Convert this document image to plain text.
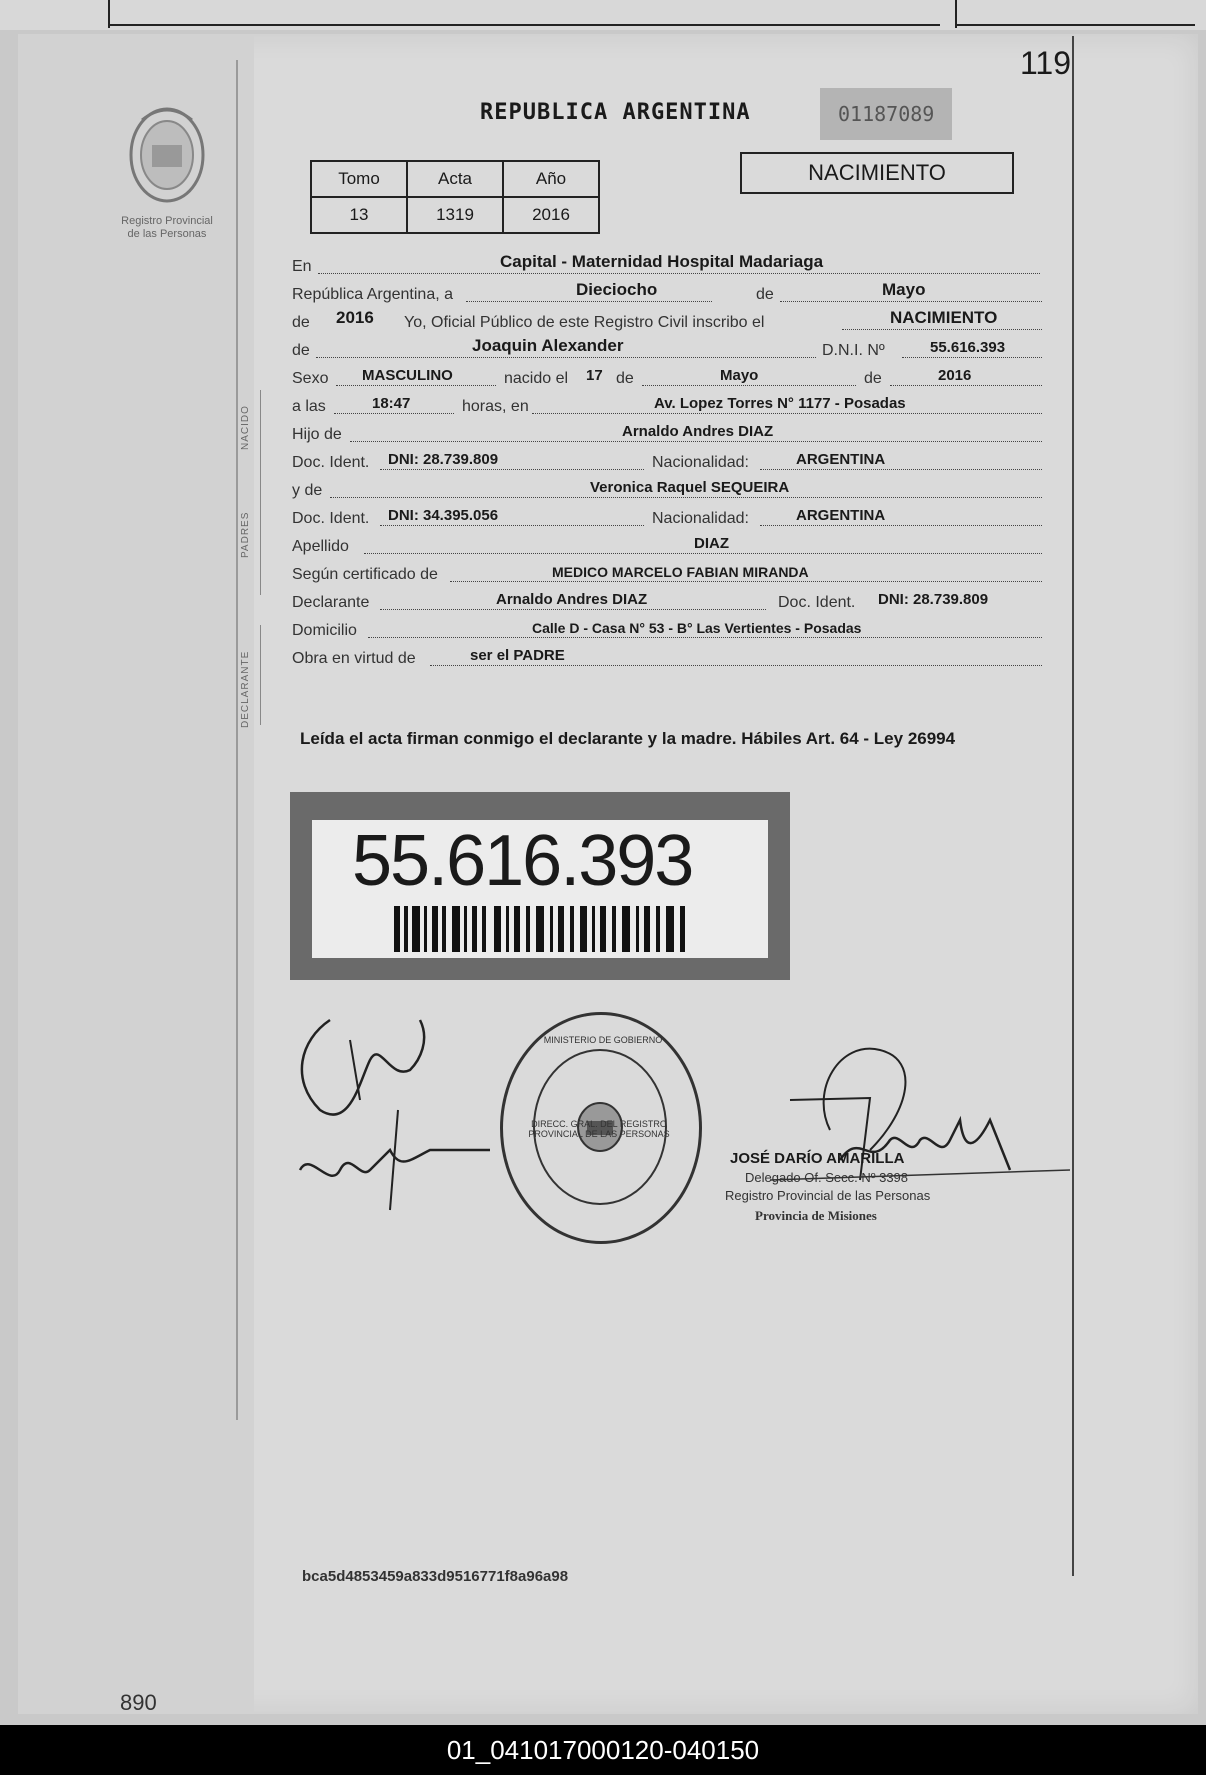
119
Registro Provincial
de las Personas
REPUBLICA ARGENTINA	01187089
Tomo	Acta	Año
13	1319	2016
NACIMIENTO
NACIDO
PADRES
DECLARANTE
En	Capital - Maternidad Hospital Madariaga
República Argentina, a	Dieciocho	de	Mayo
de 2016 Yo, Oficial Público de este Registro Civil inscribo el	NACIMIENTO
de	Joaquin Alexander	D.N.I. Nº	55.616.393
Sexo MASCULINO	nacido el 17 de	Mayo	de	2016
a las	18:47	horas, en	Av. Lopez Torres N° 1177 - Posadas
Hijo de	Arnaldo Andres DIAZ
Doc. Ident. DNI: 28.739.809	Nacionalidad:	ARGENTINA
y de	Veronica Raquel SEQUEIRA
Doc. Ident. DNI: 34.395.056	Nacionalidad:	ARGENTINA
Apellido	DIAZ
Según certificado de	MEDICO MARCELO FABIAN MIRANDA
Declarante	Arnaldo Andres DIAZ	Doc. Ident. DNI: 28.739.809
Domicilio	Calle D - Casa N° 53 - B° Las Vertientes - Posadas
Obra en virtud de	ser el PADRE
Leída el acta firman conmigo el declarante y la madre. Hábiles Art. 64 - Ley 26994
55.616.393
DIRECC. GRAL. DEL REGISTRO PROVINCIAL DE LAS PERSONAS
MINISTERIO DE GOBIERNO
JOSÉ DARÍO AMARILLA
Delegado Of. Secc. Nº 3398
Registro Provincial de las Personas
Provincia de Misiones
bca5d4853459a833d9516771f8a96a98
890
01_041017000120-040150
